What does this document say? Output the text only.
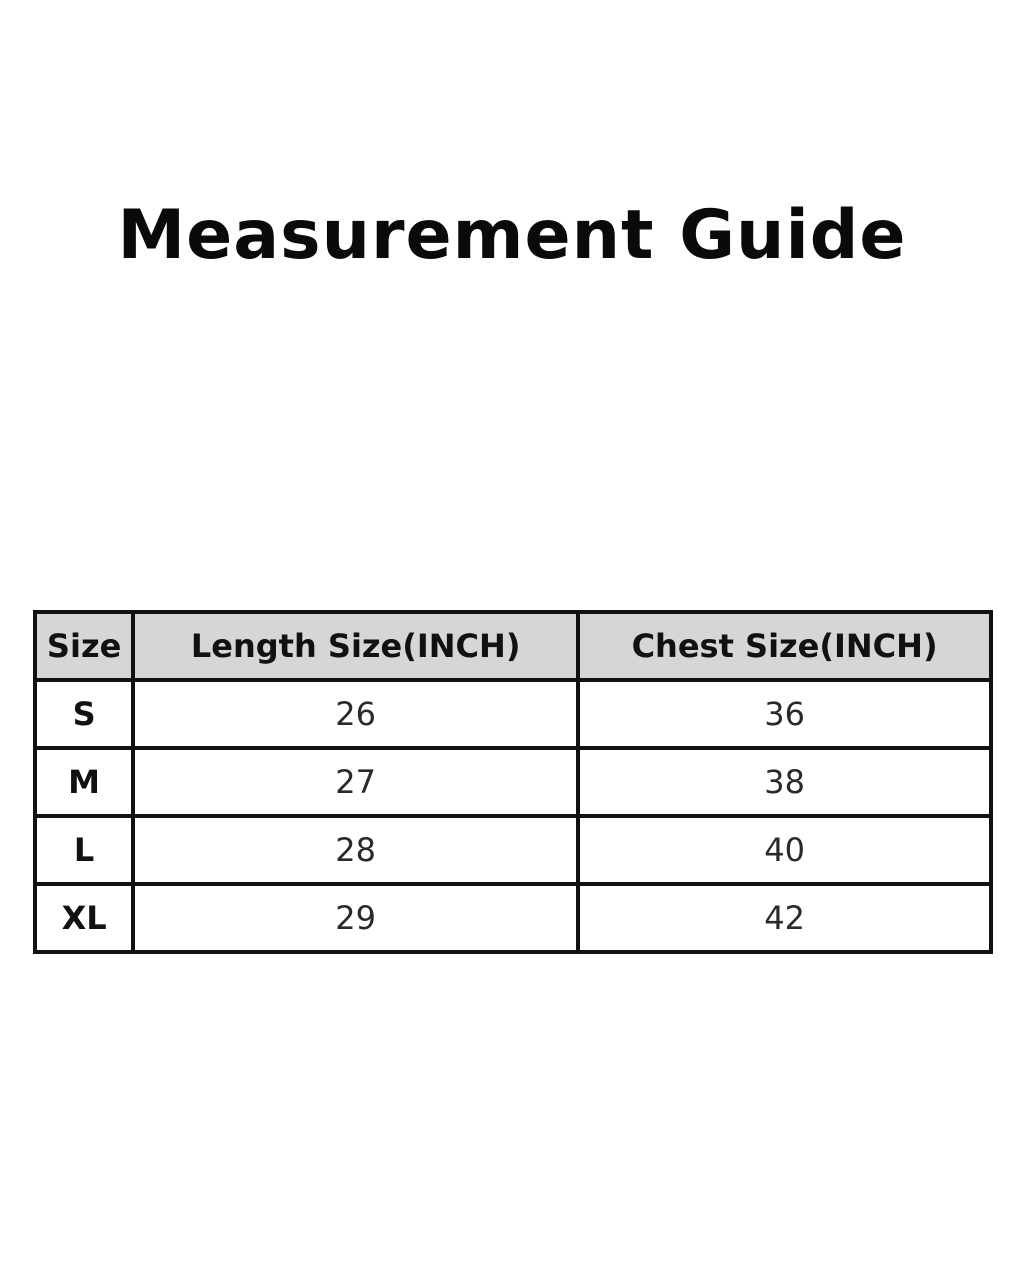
Measurement Guide
Size	Length Size(INCH)	Chest Size(INCH)
S	26	36
M	27	38
L	28	40
XL	29	42
